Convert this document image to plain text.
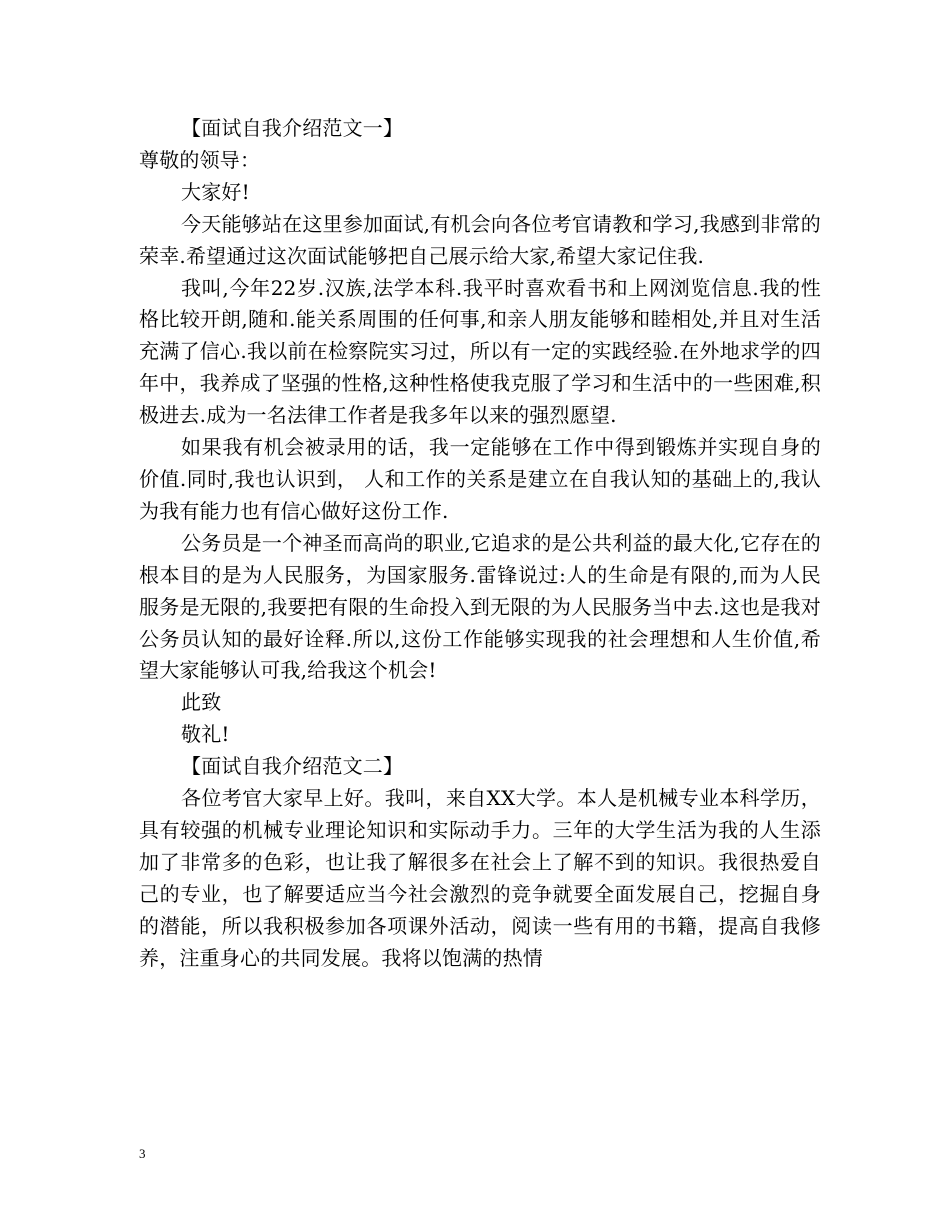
【面试自我介绍范文一】

尊敬的领导：

大家好!

今天能够站在这里参加面试,有机会向各位考官请教和学习,我感到非常的荣幸.希望通过这次面试能够把自己展示给大家,希望大家记住我.

我叫,今年22岁.汉族,法学本科.我平时喜欢看书和上网浏览信息.我的性格比较开朗,随和.能关系周围的任何事,和亲人朋友能够和睦相处,并且对生活充满了信心.我以前在检察院实习过，所以有一定的实践经验.在外地求学的四年中，我养成了坚强的性格,这种性格使我克服了学习和生活中的一些困难,积极进去.成为一名法律工作者是我多年以来的强烈愿望.

如果我有机会被录用的话，我一定能够在工作中得到锻炼并实现自身的价值.同时,我也认识到， 人和工作的关系是建立在自我认知的基础上的,我认为我有能力也有信心做好这份工作.

公务员是一个神圣而高尚的职业,它追求的是公共利益的最大化,它存在的根本目的是为人民服务，为国家服务.雷锋说过:人的生命是有限的,而为人民服务是无限的,我要把有限的生命投入到无限的为人民服务当中去.这也是我对公务员认知的最好诠释.所以,这份工作能够实现我的社会理想和人生价值,希望大家能够认可我,给我这个机会!

此致

敬礼!

【面试自我介绍范文二】

各位考官大家早上好。我叫，来自XX大学。本人是机械专业本科学历，具有较强的机械专业理论知识和实际动手力。三年的大学生活为我的人生添加了非常多的色彩，也让我了解很多在社会上了解不到的知识。我很热爱自己的专业，也了解要适应当今社会激烈的竞争就要全面发展自己，挖掘自身的潜能，所以我积极参加各项课外活动，阅读一些有用的书籍，提高自我修养，注重身心的共同发展。我将以饱满的热情

3
